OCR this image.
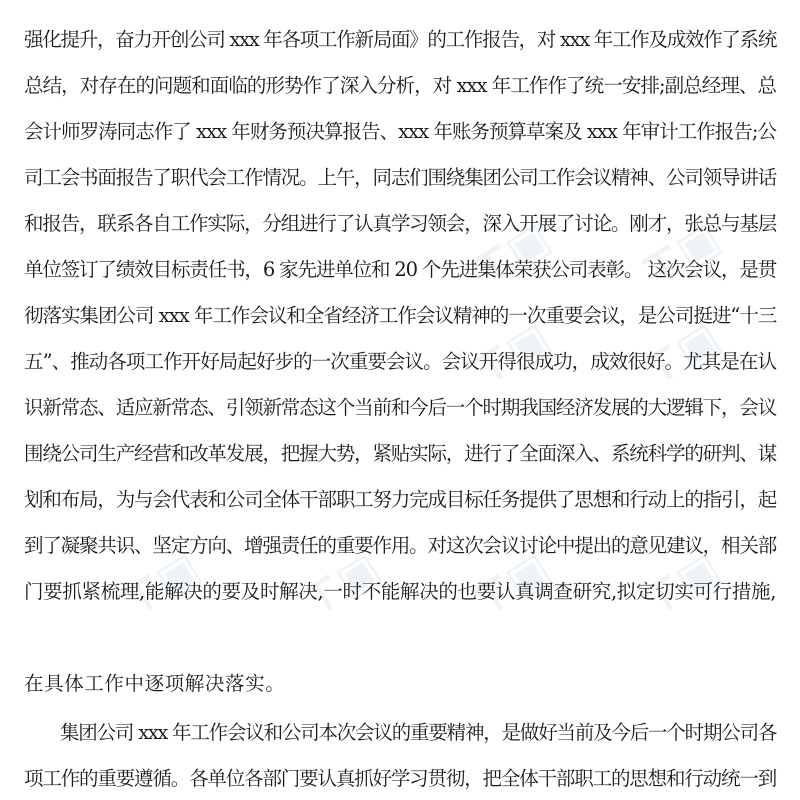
⊤▣ ⊤▣
⊤▣ ⊤▣
⊤▣ ⊤▣ ⊤▣ ⊤▣
强化提升，奋力开创公司 xxx 年各项工作新局面》的工作报告，对 xxx 年工作及成效作了系统
总结，对存在的问题和面临的形势作了深入分析，对 xxx 年工作作了统一安排;副总经理、总
会计师罗涛同志作了 xxx 年财务预决算报告、xxx 年账务预算草案及 xxx 年审计工作报告;公
司工会书面报告了职代会工作情况。上午，同志们围绕集团公司工作会议精神、公司领导讲话
和报告，联系各自工作实际，分组进行了认真学习领会，深入开展了讨论。刚才，张总与基层
单位签订了绩效目标责任书，6 家先进单位和 20 个先进集体荣获公司表彰。 这次会议，是贯
彻落实集团公司 xxx 年工作会议和全省经济工作会议精神的一次重要会议，是公司挺进“十三
五”、推动各项工作开好局起好步的一次重要会议。会议开得很成功，成效很好。尤其是在认
识新常态、适应新常态、引领新常态这个当前和今后一个时期我国经济发展的大逻辑下，会议
围绕公司生产经营和改革发展，把握大势，紧贴实际，进行了全面深入、系统科学的研判、谋
划和布局，为与会代表和公司全体干部职工努力完成目标任务提供了思想和行动上的指引，起
到了凝聚共识、坚定方向、增强责任的重要作用。对这次会议讨论中提出的意见建议，相关部
门要抓紧梳理,能解决的要及时解决,一时不能解决的也要认真调查研究,拟定切实可行措施,
在具体工作中逐项解决落实。
集团公司 xxx 年工作会议和公司本次会议的重要精神，是做好当前及今后一个时期公司各
项工作的重要遵循。各单位各部门要认真抓好学习贯彻，把全体干部职工的思想和行动统一到
